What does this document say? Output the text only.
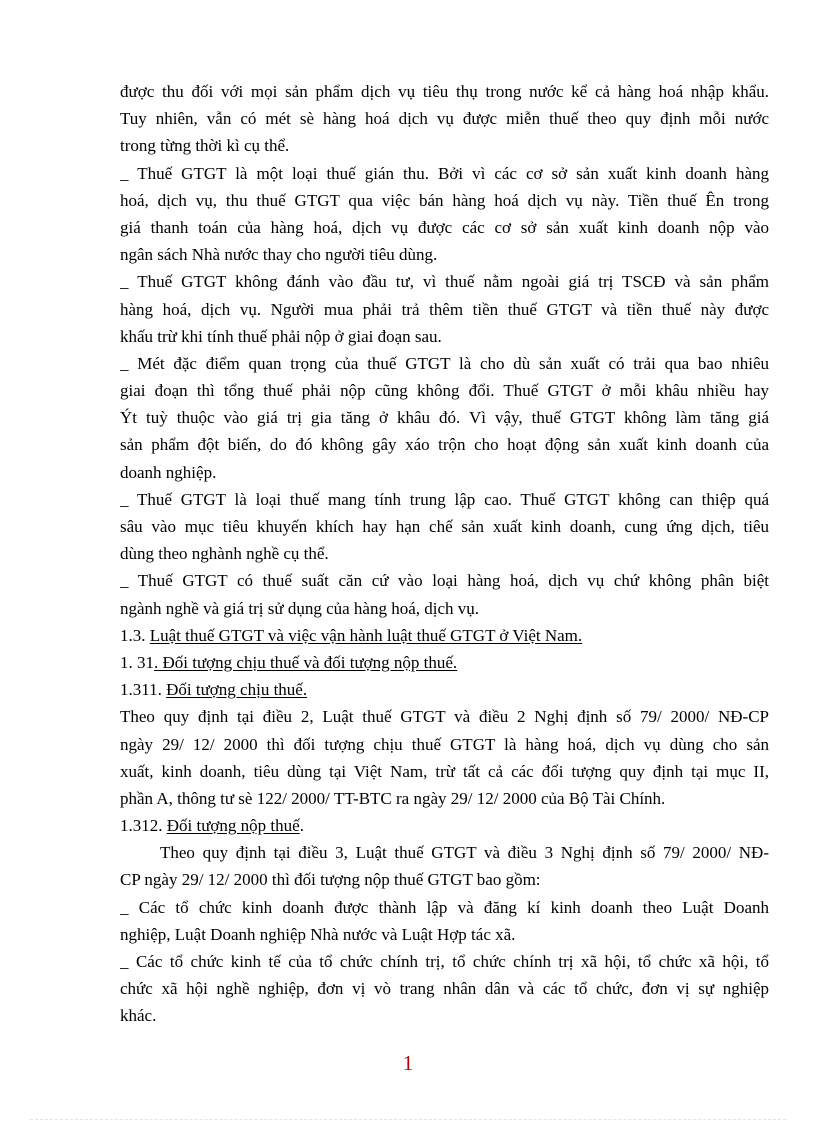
được thu đối với mọi sản phẩm dịch vụ tiêu thụ trong nước kể cả hàng hoá nhập khẩu.
Tuy nhiên, vẫn có mét sè hàng hoá dịch vụ được miễn thuế theo quy định mỗi nước
trong từng thời kì cụ thể.
_ Thuế GTGT là một loại thuế gián thu. Bởi vì các cơ sở sản xuất kinh doanh hàng
hoá, dịch vụ, thu thuế GTGT qua việc bán hàng hoá dịch vụ này. Tiền thuế Ên trong
giá thanh toán của hàng hoá, dịch vụ được các cơ sở sản xuất kinh doanh nộp vào
ngân sách Nhà nước thay cho người tiêu dùng.
_ Thuế GTGT không đánh vào đầu tư, vì thuế nằm ngoài giá trị TSCĐ và sản phẩm
hàng hoá, dịch vụ. Người mua phải trả thêm tiền thuế GTGT và tiền thuế này được
khấu trừ khi tính thuế phải nộp ở giai đoạn sau.
_ Mét đặc điểm quan trọng của thuế GTGT là cho dù sản xuất có trải qua bao nhiêu
giai đoạn thì tổng thuế phải nộp cũng không đổi. Thuế GTGT ở mỗi khâu nhiều hay
Ýt tuỳ thuộc vào giá trị gia tăng ở khâu đó. Vì vậy, thuế GTGT không làm tăng giá
sản phẩm đột biến, do đó không gây xáo trộn cho hoạt động sản xuất kinh doanh của
doanh nghiệp.
_ Thuế GTGT là loại thuế mang tính trung lập cao. Thuế GTGT không can thiệp quá
sâu vào mục tiêu khuyến khích hay hạn chế sản xuất kinh doanh, cung ứng dịch, tiêu
dùng theo nghành nghề cụ thể.
_ Thuế GTGT có thuế suất căn cứ vào loại hàng hoá, dịch vụ chứ không phân biệt
ngành nghề và giá trị sử dụng của hàng hoá, dịch vụ.
1.3. Luật thuế GTGT và việc vận hành luật thuế GTGT ở Việt Nam.
1. 31. Đối tượng chịu thuế và đối tượng nộp thuế.
1.311. Đối tượng chịu thuế.
Theo quy định tại điều 2, Luật thuế GTGT và điều 2 Nghị định số 79/ 2000/ NĐ-CP
ngày 29/ 12/ 2000 thì đối tượng chịu thuế GTGT là hàng hoá, dịch vụ dùng cho sản
xuất, kinh doanh, tiêu dùng tại Việt Nam, trừ tất cả các đối tượng quy định tại mục II,
phần A, thông tư sè 122/ 2000/ TT-BTC ra ngày 29/ 12/ 2000 của Bộ Tài Chính.
1.312. Đối tượng nộp thuế.
Theo quy định tại điều 3, Luật thuế GTGT và điều 3 Nghị định số 79/ 2000/ NĐ-
CP ngày 29/ 12/ 2000 thì đối tượng nộp thuế GTGT bao gồm:
_ Các tổ chức kinh doanh được thành lập và đăng kí kinh doanh theo Luật Doanh
nghiệp, Luật Doanh nghiệp Nhà nước và Luật Hợp tác xã.
_ Các tổ chức kinh tế của tổ chức chính trị, tổ chức chính trị xã hội, tổ chức xã hội, tổ
chức xã hội nghề nghiệp, đơn vị vò trang nhân dân và các tổ chức, đơn vị sự nghiệp
khác.
1
